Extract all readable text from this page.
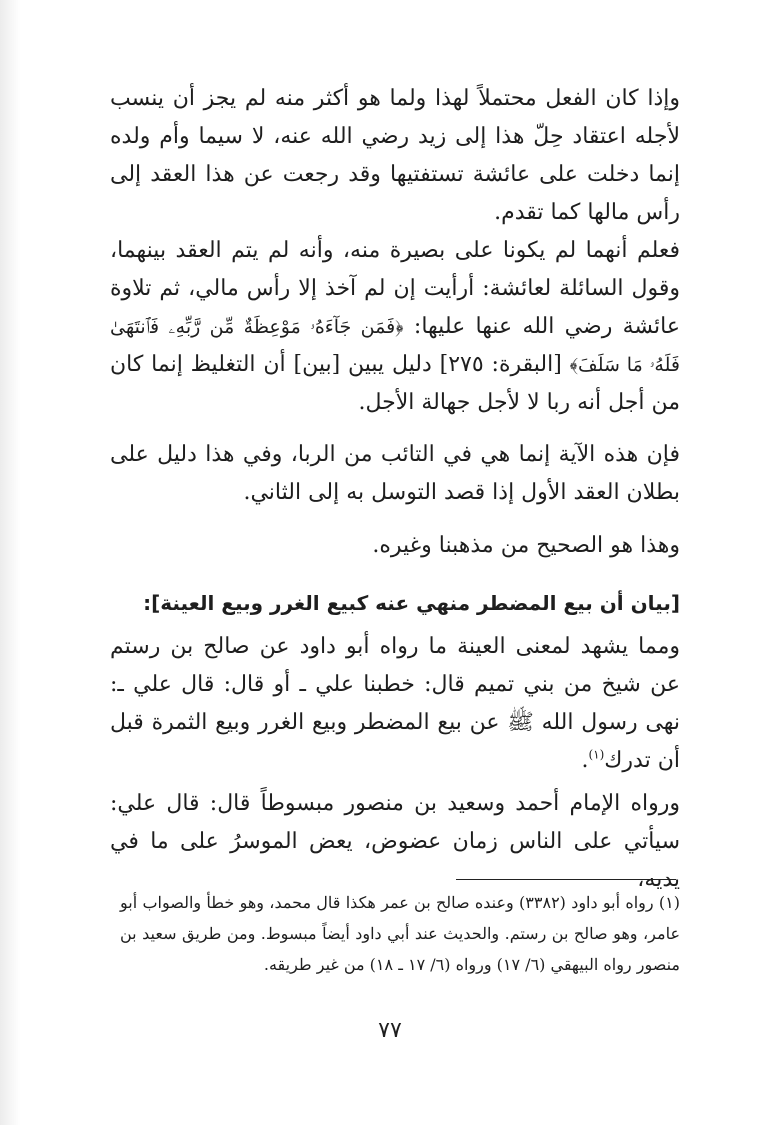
وإذا كان الفعل محتملاً لهذا ولما هو أكثر منه لم يجز أن ينسب لأجله اعتقاد حِلّ هذا إلى زيد رضي الله عنه، لا سيما وأم ولده إنما دخلت على عائشة تستفتيها وقد رجعت عن هذا العقد إلى رأس مالها كما تقدم.

فعلم أنهما لم يكونا على بصيرة منه، وأنه لم يتم العقد بينهما، وقول السائلة لعائشة: أرأيت إن لم آخذ إلا رأس مالي، ثم تلاوة عائشة رضي الله عنها عليها: ﴿فَمَن جَآءَهُۥ مَوْعِظَةٌ مِّن رَّبِّهِۦ فَٱنتَهَىٰ فَلَهُۥ مَا سَلَفَ﴾ [البقرة: ٢٧٥] دليل يبين [بين] أن التغليظ إنما كان من أجل أنه ربا لا لأجل جهالة الأجل.

فإن هذه الآية إنما هي في التائب من الربا، وفي هذا دليل على بطلان العقد الأول إذا قصد التوسل به إلى الثاني.

وهذا هو الصحيح من مذهبنا وغيره.

[بيان أن بيع المضطر منهي عنه كبيع الغرر وبيع العينة]:

ومما يشهد لمعنى العينة ما رواه أبو داود عن صالح بن رستم عن شيخ من بني تميم قال: خطبنا علي ـ أو قال: قال علي ـ: نهى رسول الله ﷺ عن بيع المضطر وبيع الغرر وبيع الثمرة قبل أن تدرك$^{(١)}$.

ورواه الإمام أحمد وسعيد بن منصور مبسوطاً قال: قال علي: سيأتي على الناس زمان عضوض، يعض الموسرُ على ما في يديه،

(١) رواه أبو داود (٣٣٨٢) وعنده صالح بن عمر هكذا قال محمد، وهو خطأ والصواب أبو عامر، وهو صالح بن رستم. والحديث عند أبي داود أيضاً مبسوط. ومن طريق سعيد بن منصور رواه البيهقي (٦/ ١٧) ورواه (٦/ ١٧ ـ ١٨) من غير طريقه.

٧٧
